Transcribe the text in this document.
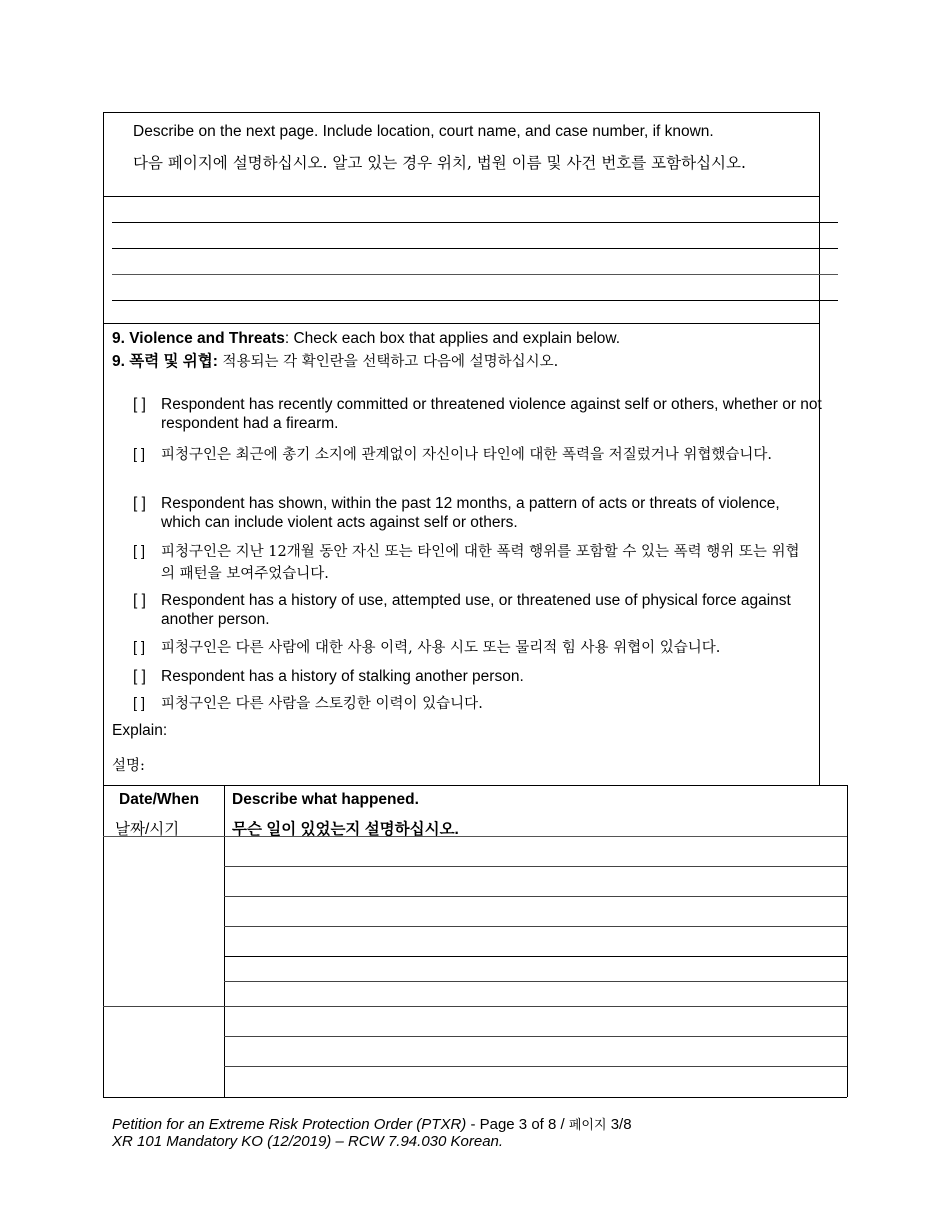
Describe on the next page. Include location, court name, and case number, if known.
다음 페이지에 설명하십시오. 알고 있는 경우 위치, 법원 이름 및 사건 번호를 포함하십시오.
9. Violence and Threats: Check each box that applies and explain below.
9. 폭력 및 위협: 적용되는 각 확인란을 선택하고 다음에 설명하십시오.
[ ] Respondent has recently committed or threatened violence against self or others, whether or not respondent had a firearm.
[ ] 피청구인은 최근에 총기 소지에 관계없이 자신이나 타인에 대한 폭력을 저질렀거나 위협했습니다.
[ ] Respondent has shown, within the past 12 months, a pattern of acts or threats of violence, which can include violent acts against self or others.
[ ] 피청구인은 지난 12개월 동안 자신 또는 타인에 대한 폭력 행위를 포함할 수 있는 폭력 행위 또는 위협의 패턴을 보여주었습니다.
[ ] Respondent has a history of use, attempted use, or threatened use of physical force against another person.
[ ] 피청구인은 다른 사람에 대한 사용 이력, 사용 시도 또는 물리적 힘 사용 위협이 있습니다.
[ ] Respondent has a history of stalking another person.
[ ] 피청구인은 다른 사람을 스토킹한 이력이 있습니다.
Explain:
설명:
Date/When
날짜/시기
Describe what happened.
무슨 일이 있었는지 설명하십시오.
Petition for an Extreme Risk Protection Order (PTXR) - Page 3 of 8 / 페이지 3/8
XR 101 Mandatory KO (12/2019) – RCW 7.94.030 Korean.
